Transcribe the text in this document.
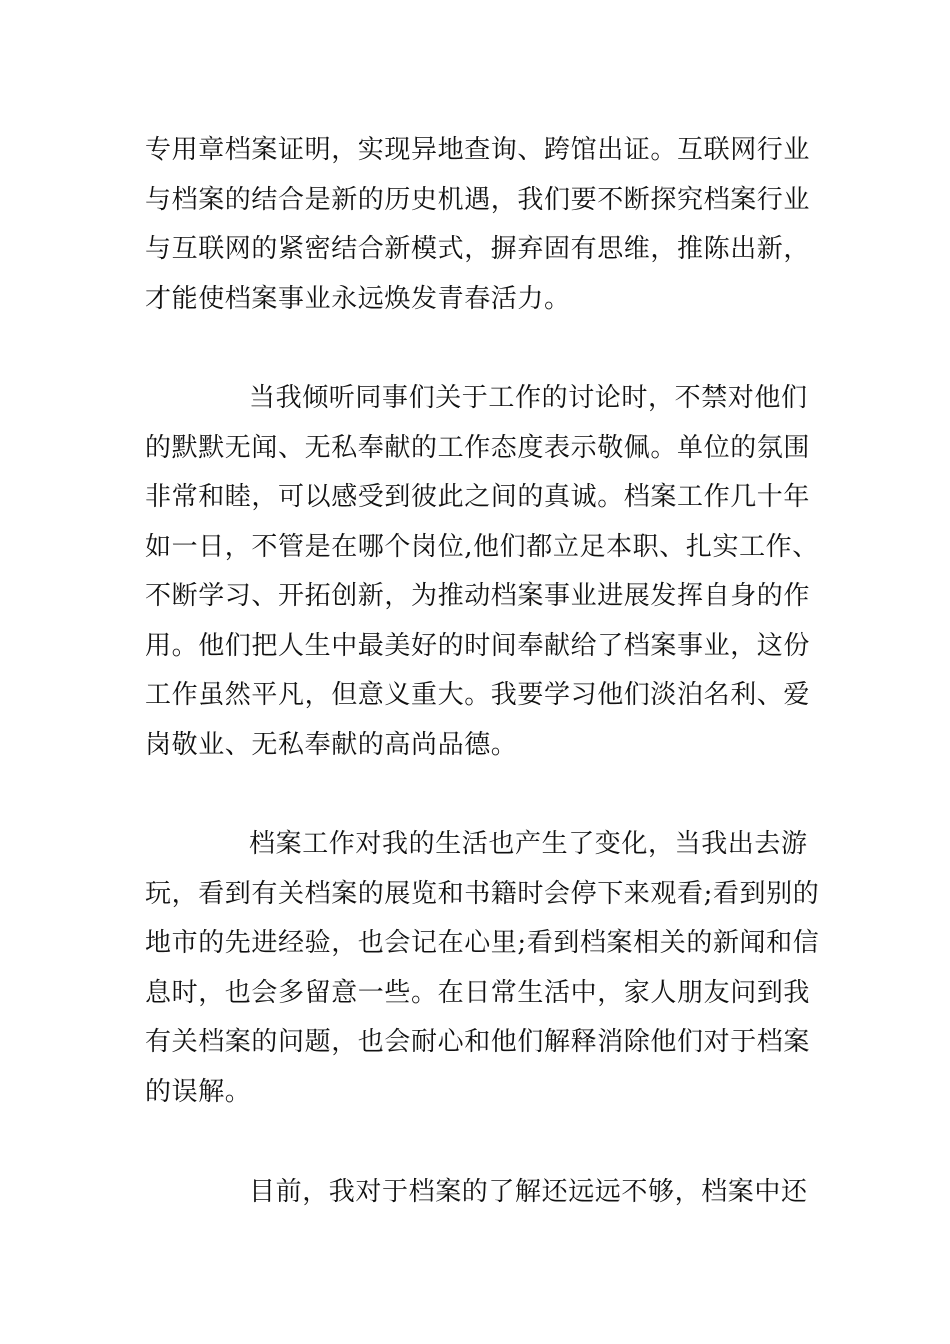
专用章档案证明，实现异地查询、跨馆出证。互联网行业
与档案的结合是新的历史机遇，我们要不断探究档案行业
与互联网的紧密结合新模式，摒弃固有思维，推陈出新，
才能使档案事业永远焕发青春活力。

当我倾听同事们关于工作的讨论时，不禁对他们
的默默无闻、无私奉献的工作态度表示敬佩。单位的氛围
非常和睦，可以感受到彼此之间的真诚。档案工作几十年
如一日，不管是在哪个岗位,他们都立足本职、扎实工作、
不断学习、开拓创新，为推动档案事业进展发挥自身的作
用。他们把人生中最美好的时间奉献给了档案事业，这份
工作虽然平凡，但意义重大。我要学习他们淡泊名利、爱
岗敬业、无私奉献的高尚品德。

档案工作对我的生活也产生了变化，当我出去游
玩，看到有关档案的展览和书籍时会停下来观看;看到别的
地市的先进经验，也会记在心里;看到档案相关的新闻和信
息时，也会多留意一些。在日常生活中，家人朋友问到我
有关档案的问题，也会耐心和他们解释消除他们对于档案
的误解。

目前，我对于档案的了解还远远不够，档案中还
